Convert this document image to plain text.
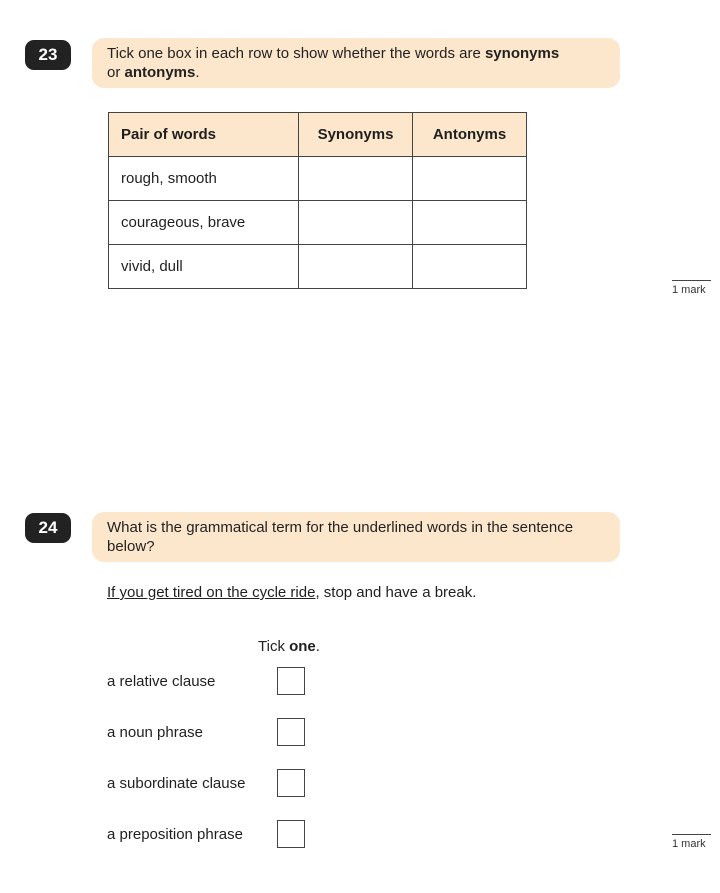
23	Tick one box in each row to show whether the words are synonyms
or antonyms.
Pair of words	Synonyms	Antonyms
rough, smooth		
courageous, brave		
vivid, dull		
1 mark
24	What is the grammatical term for the underlined words in the sentence below?
If you get tired on the cycle ride, stop and have a break.
Tick one.
a relative clause
a noun phrase
a subordinate clause
a preposition phrase
1 mark
